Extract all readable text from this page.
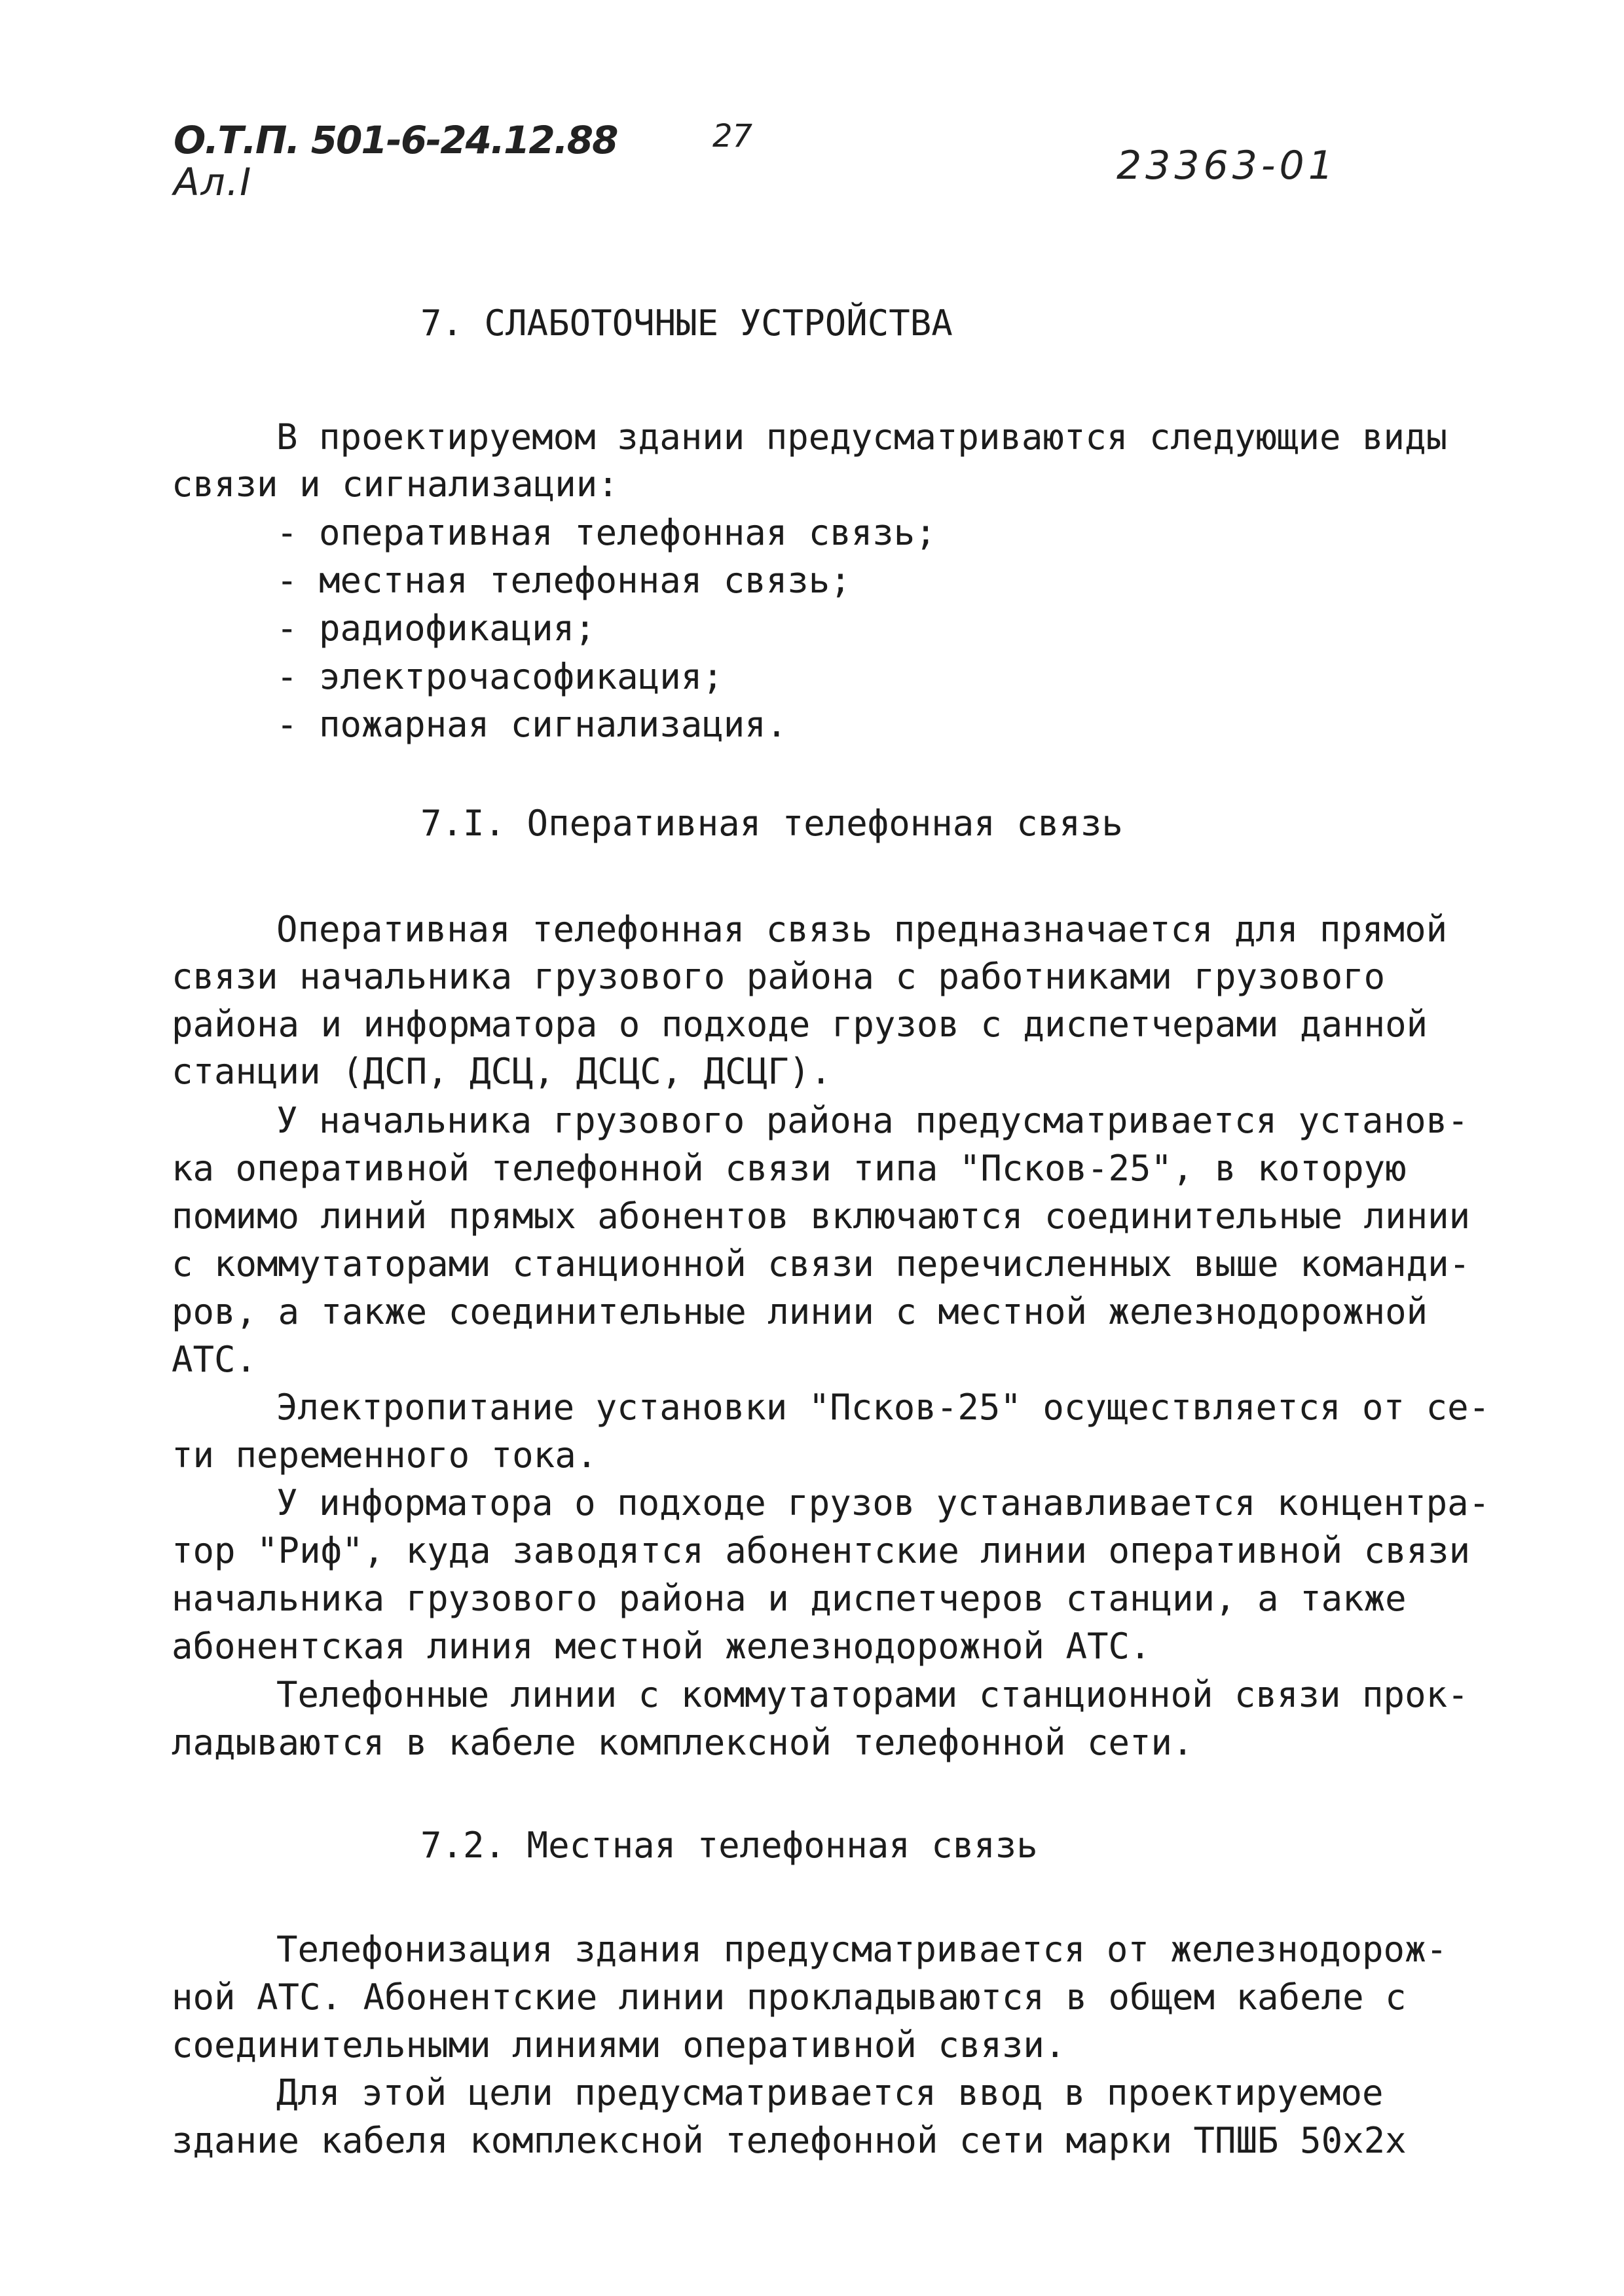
О.Т.П. 501-6-24.12.88
Ал.I
27
23363-01
7. СЛАБОТОЧНЫЕ УСТРОЙСТВА
В проектируемом здании предусматриваются следующие виды
связи и сигнализации:
- оперативная телефонная связь;
- местная телефонная связь;
- радиофикация;
- электрочасофикация;
- пожарная сигнализация.
7.I. Оперативная телефонная связь
Оперативная телефонная связь предназначается для прямой
связи начальника грузового района с работниками грузового
района и информатора о подходе грузов с диспетчерами данной
станции (ДСП, ДСЦ, ДСЦС, ДСЦГ).
У начальника грузового района предусматривается установ-
ка оперативной телефонной связи типа "Псков-25", в которую
помимо линий прямых абонентов включаются соединительные линии
с коммутаторами станционной связи перечисленных выше команди-
ров, а также соединительные линии с местной железнодорожной
АТС.
Электропитание установки "Псков-25" осуществляется от се-
ти переменного тока.
У информатора о подходе грузов устанавливается концентра-
тор "Риф", куда заводятся абонентские линии оперативной связи
начальника грузового района и диспетчеров станции, а также
абонентская линия местной железнодорожной АТС.
Телефонные линии с коммутаторами станционной связи прок-
ладываются в кабеле комплексной телефонной сети.
7.2. Местная телефонная связь
Телефонизация здания предусматривается от железнодорож-
ной АТС. Абонентские линии прокладываются в общем кабеле с
соединительными линиями оперативной связи.
Для этой цели предусматривается ввод в проектируемое
здание кабеля комплексной телефонной сети марки ТПШБ 50х2х
